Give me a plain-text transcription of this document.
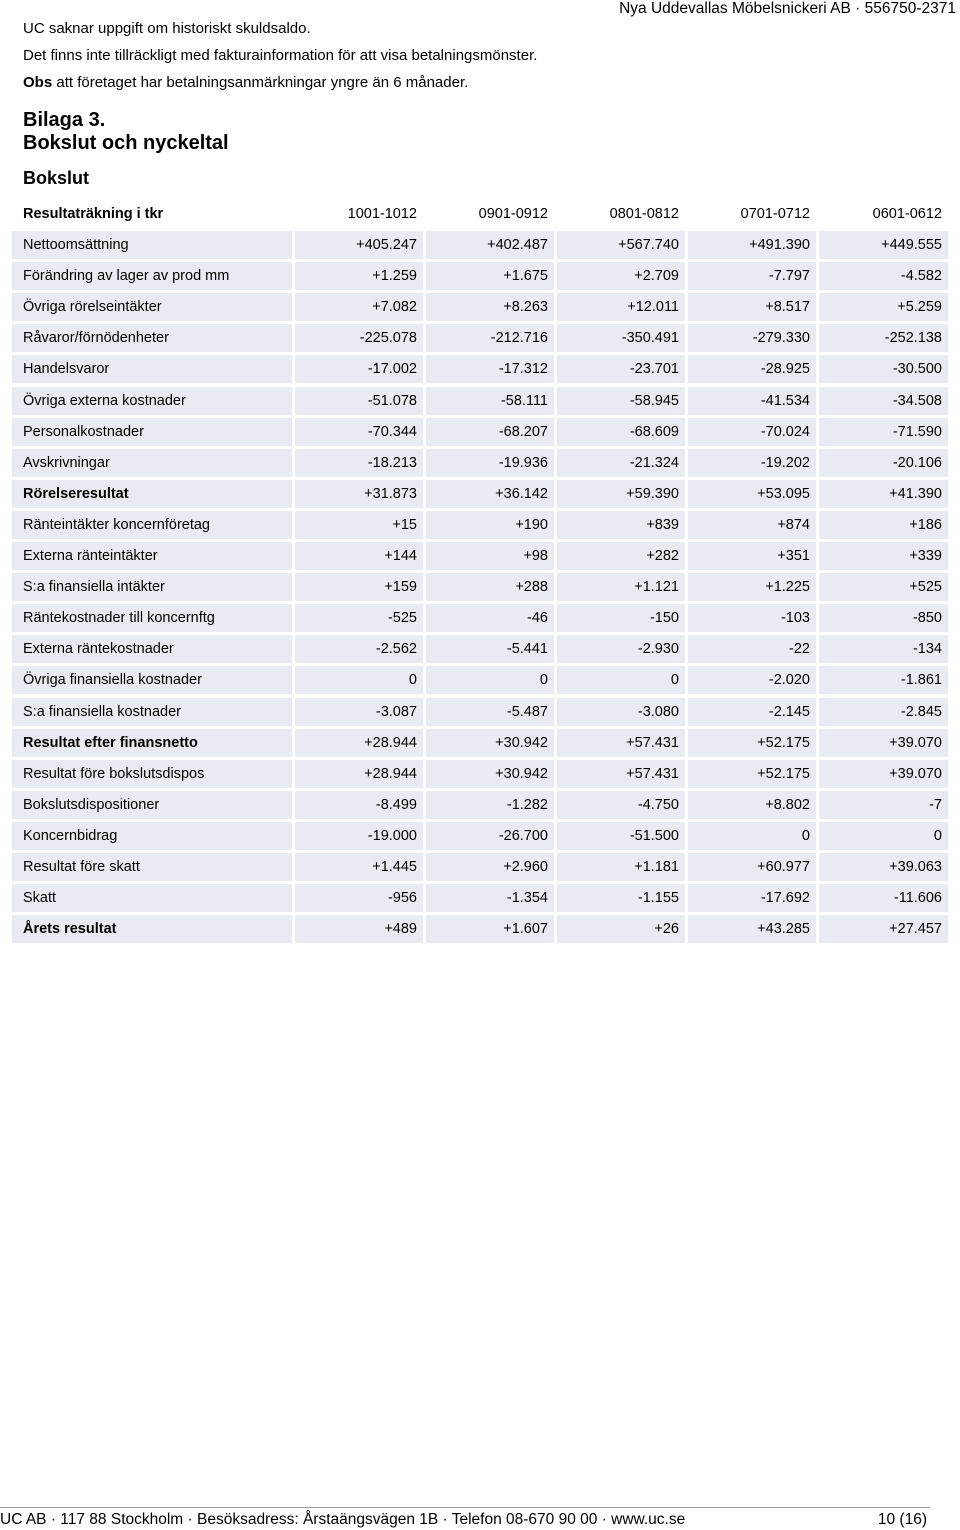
Nya Uddevallas Möbelsnickeri AB · 556750-2371
UC saknar uppgift om historiskt skuldsaldo.
Det finns inte tillräckligt med fakturainformation för att visa betalningsmönster.
Obs att företaget har betalningsanmärkningar yngre än 6 månader.
Bilaga 3.
Bokslut och nyckeltal
Bokslut
Resultaträkning i tkr	1001-1012	0901-0912	0801-0812	0701-0712	0601-0612
Nettoomsättning	+405.247	+402.487	+567.740	+491.390	+449.555
Förändring av lager av prod mm	+1.259	+1.675	+2.709	-7.797	-4.582
Övriga rörelseintäkter	+7.082	+8.263	+12.011	+8.517	+5.259
Råvaror/förnödenheter	-225.078	-212.716	-350.491	-279.330	-252.138
Handelsvaror	-17.002	-17.312	-23.701	-28.925	-30.500
Övriga externa kostnader	-51.078	-58.111	-58.945	-41.534	-34.508
Personalkostnader	-70.344	-68.207	-68.609	-70.024	-71.590
Avskrivningar	-18.213	-19.936	-21.324	-19.202	-20.106
Rörelseresultat	+31.873	+36.142	+59.390	+53.095	+41.390
Ränteintäkter koncernföretag	+15	+190	+839	+874	+186
Externa ränteintäkter	+144	+98	+282	+351	+339
S:a finansiella intäkter	+159	+288	+1.121	+1.225	+525
Räntekostnader till koncernftg	-525	-46	-150	-103	-850
Externa räntekostnader	-2.562	-5.441	-2.930	-22	-134
Övriga finansiella kostnader	0	0	0	-2.020	-1.861
S:a finansiella kostnader	-3.087	-5.487	-3.080	-2.145	-2.845
Resultat efter finansnetto	+28.944	+30.942	+57.431	+52.175	+39.070
Resultat före bokslutsdispos	+28.944	+30.942	+57.431	+52.175	+39.070
Bokslutsdispositioner	-8.499	-1.282	-4.750	+8.802	-7
Koncernbidrag	-19.000	-26.700	-51.500	0	0
Resultat före skatt	+1.445	+2.960	+1.181	+60.977	+39.063
Skatt	-956	-1.354	-1.155	-17.692	-11.606
Årets resultat	+489	+1.607	+26	+43.285	+27.457
UC AB · 117 88 Stockholm · Besöksadress: Årstaängsvägen 1B · Telefon 08-670 90 00 · www.uc.se	10 (16)
